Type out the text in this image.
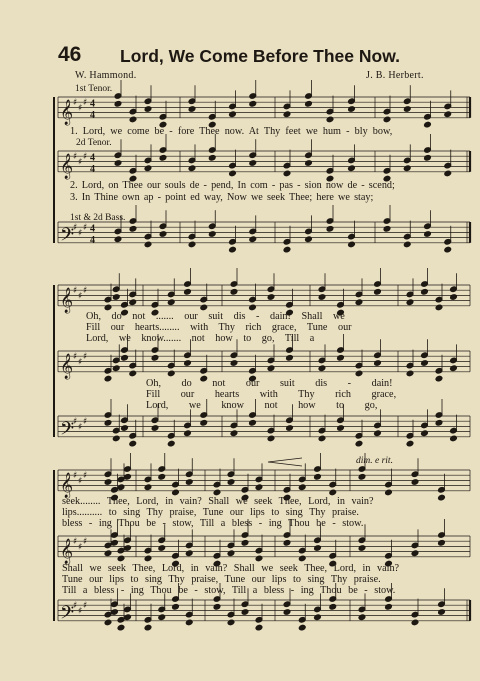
46 Lord, We Come Before Thee Now.
W. Hammond.	J. B. Herbert.
1st Tenor.
2d Tenor.
1st & 2d Bass.
𝄞 ♯
♯
♯ 4
4
𝄞 ♯
♯
♯ 4
4
𝄢
♯
♯
♯ 4
4
𝄞 ♯
♯
♯
𝄞 ♯
♯
♯
𝄢
♯
♯
♯
𝄞 ♯
♯
♯
𝄞 ♯
♯
♯
𝄢
♯
♯
♯
1. Lord, we come be - fore Thee now. At Thy feet we hum - bly bow,
2. Lord, on Thee our souls de - pend, In com - pas - sion now de - scend;
3. In Thine own ap - point ed way, Now we seek Thee; here we stay;
Oh, do not ....... our suit dis - dain! Shall we
Fill our hearts........ with Thy rich grace, Tune our
Lord, we know....... not how to go, Till a
Oh, do not our suit dis - dain!
Fill our hearts with Thy rich grace,
Lord, we know not how to go,
dim. e rit.
seek........ Thee, Lord, in vain? Shall we seek Thee, Lord, in vain?
lips.......... to sing Thy praise, Tune our lips to sing Thy praise.
bless - ing Thou be - stow, Till a bless - ing Thou be - stow.
Shall we seek Thee, Lord, in vain? Shall we seek Thee, Lord, in vain?
Tune our lips to sing Thy praise, Tune our lips to sing Thy praise.
Till a bless - ing Thou be - stow, Till a bless - ing Thou be - stow.
